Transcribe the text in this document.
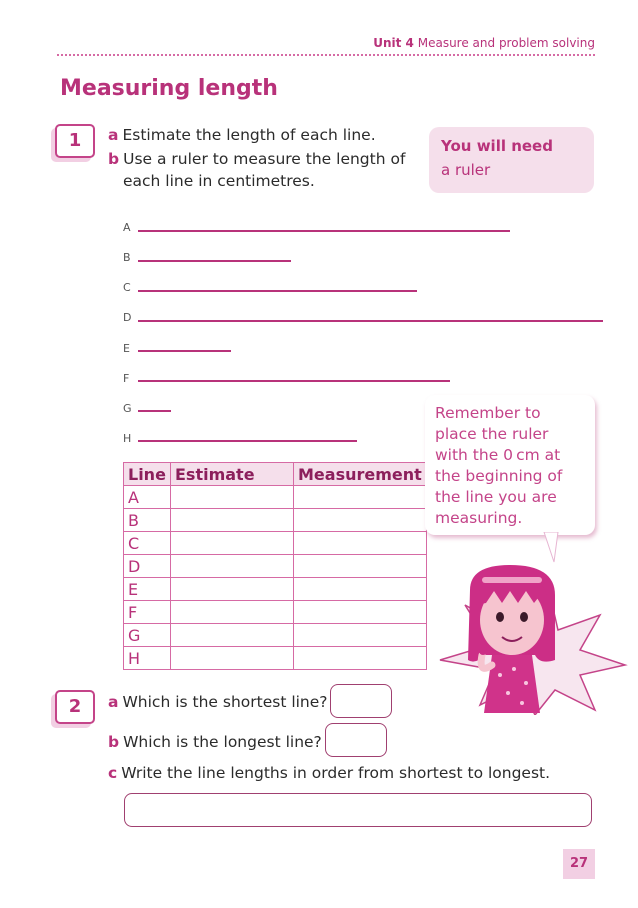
Unit 4 Measure and problem solving
Measuring length
1	a Estimate the length of each line.
b Use a ruler to measure the length of
each line in centimetres.
You will need
a ruler
A
B
C
D
E
F
G
H
Line	Estimate	Measurement
A		
B		
C		
D		
E		
F		
G		
H		
Remember to
place the ruler
with the 0 cm at
the beginning of
the line you are
measuring.
2	a Which is the shortest line?
b Which is the longest line?
c Write the line lengths in order from shortest to longest.
27
